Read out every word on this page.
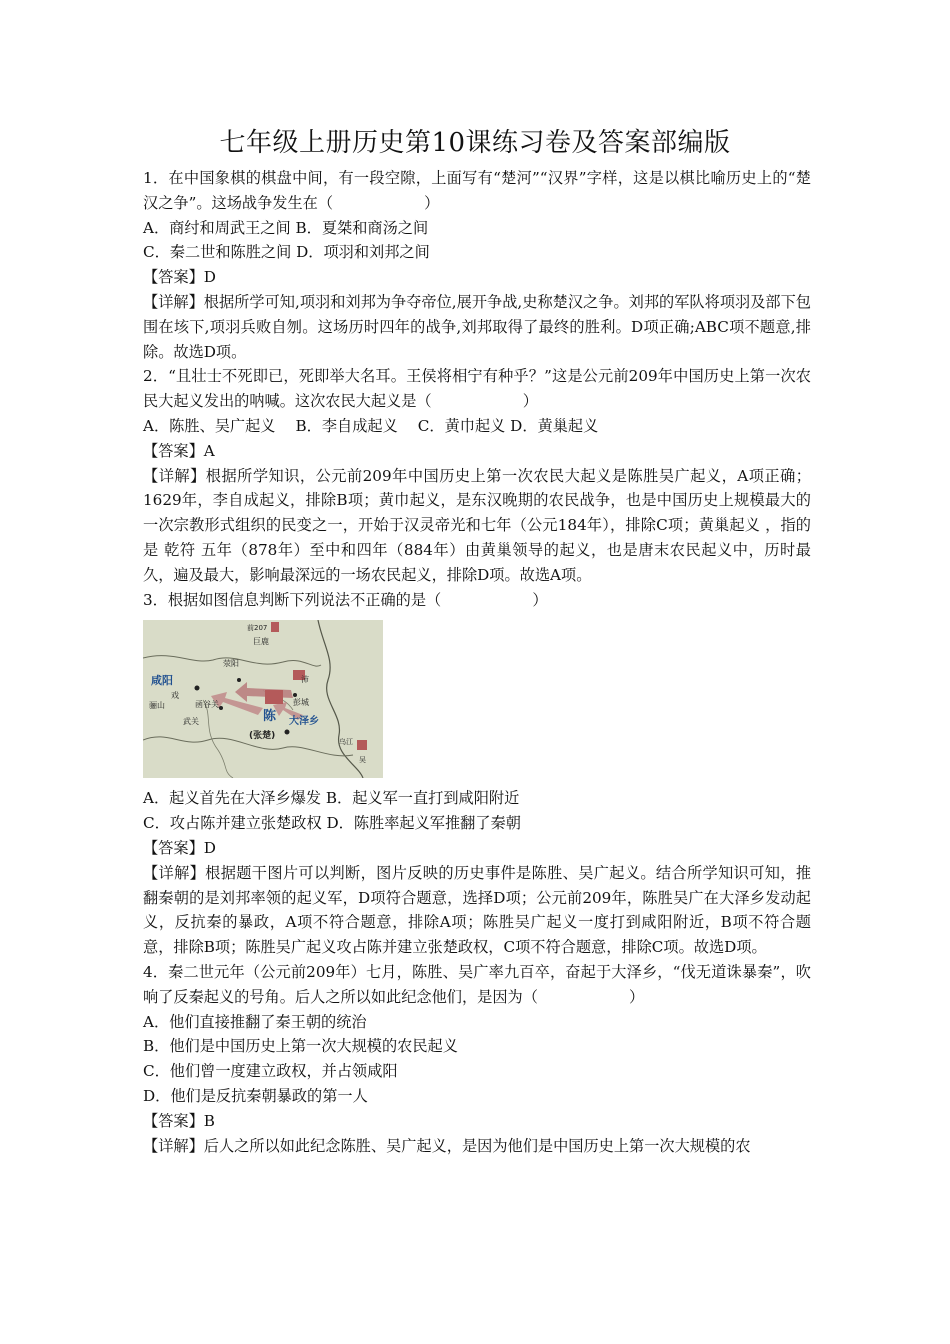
七年级上册历史第10课练习卷及答案部编版

1．在中国象棋的棋盘中间，有一段空隙，上面写有“楚河”“汉界”字样，这是以棋比喻历史上的“楚汉之争”。这场战争发生在（　　　　　　）

A．商纣和周武王之间 B．夏桀和商汤之间

C．秦二世和陈胜之间 D．项羽和刘邦之间

【答案】D

【详解】根据所学可知,项羽和刘邦为争夺帝位,展开争战,史称楚汉之争。刘邦的军队将项羽及部下包围在垓下,项羽兵败自刎。这场历时四年的战争,刘邦取得了最终的胜利。D项正确;ABC项不题意,排除。故选D项。

2．“且壮士不死即已，死即举大名耳。王侯将相宁有种乎？”这是公元前209年中国历史上第一次农民大起义发出的呐喊。这次农民大起义是（　　　　　　）

A．陈胜、吴广起义　 B．李自成起义　 C．黄巾起义 D．黄巢起义

【答案】A

【详解】根据所学知识，公元前209年中国历史上第一次农民大起义是陈胜吴广起义，A项正确；1629年，李自成起义，排除B项；黄巾起义，是东汉晚期的农民战争，也是中国历史上规模最大的一次宗教形式组织的民变之一，开始于汉灵帝光和七年（公元184年），排除C项；黄巢起义 ，指的是 乾符 五年（878年）至中和四年（884年）由黄巢领导的起义，也是唐末农民起义中，历时最久，遍及最大，影响最深远的一场农民起义，排除D项。故选A项。

3．根据如图信息判断下列说法不正确的是（　　　　　　）

咸阳
骊山
戏
函谷关
武关
荥阳
巨鹿
前207
沛
彭城
陈
(张楚)
大泽乡
乌江
吴

A．起义首先在大泽乡爆发 B．起义军一直打到咸阳附近

C．攻占陈并建立张楚政权 D．陈胜率起义军推翻了秦朝

【答案】D

【详解】根据题干图片可以判断，图片反映的历史事件是陈胜、吴广起义。结合所学知识可知，推翻秦朝的是刘邦率领的起义军，D项符合题意，选择D项；公元前209年，陈胜吴广在大泽乡发动起义，反抗秦的暴政，A项不符合题意，排除A项；陈胜吴广起义一度打到咸阳附近，B项不符合题意，排除B项；陈胜吴广起义攻占陈并建立张楚政权，C项不符合题意，排除C项。故选D项。

4．秦二世元年（公元前209年）七月，陈胜、吴广率九百卒，奋起于大泽乡，“伐无道诛暴秦”，吹响了反秦起义的号角。后人之所以如此纪念他们，是因为（　　　　　　）

A．他们直接推翻了秦王朝的统治

B．他们是中国历史上第一次大规模的农民起义

C．他们曾一度建立政权，并占领咸阳

D．他们是反抗秦朝暴政的第一人

【答案】B

【详解】后人之所以如此纪念陈胜、吴广起义，是因为他们是中国历史上第一次大规模的农
